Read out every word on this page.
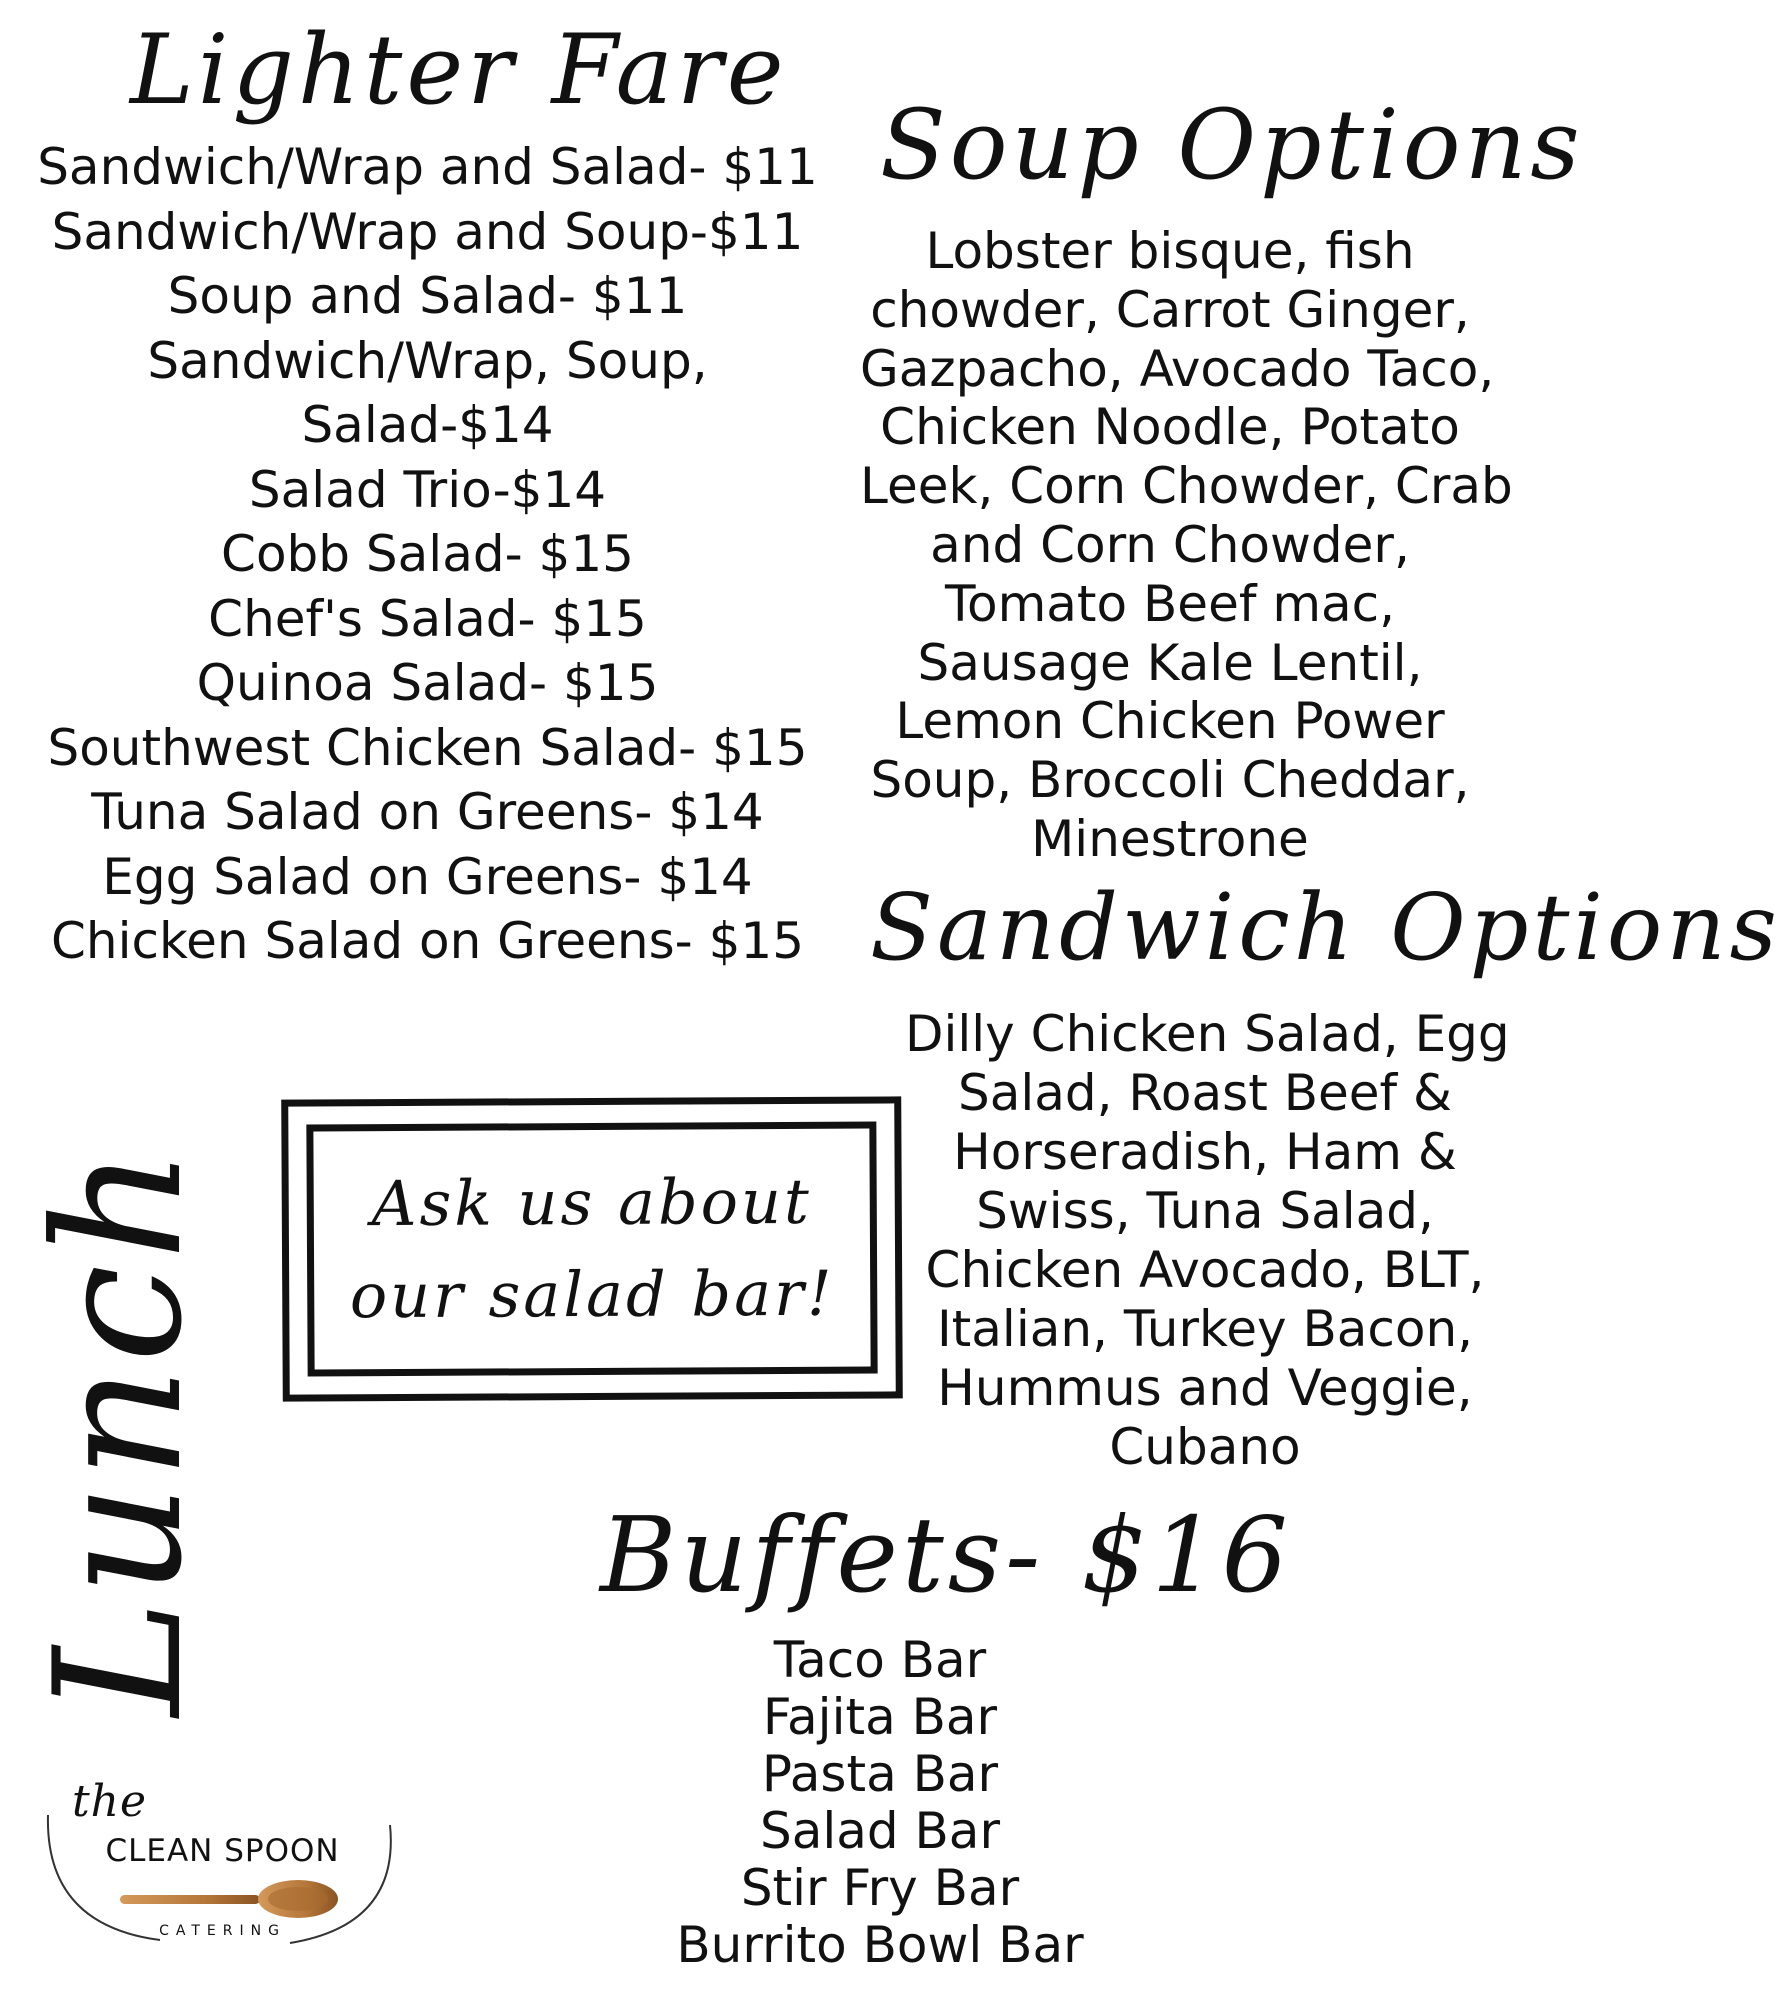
Lighter Fare
Sandwich/Wrap and Salad- $11
Sandwich/Wrap and Soup-$11
Soup and Salad- $11
Sandwich/Wrap, Soup,
Salad-$14
Salad Trio-$14
Cobb Salad- $15
Chef's Salad- $15
Quinoa Salad- $15
Southwest Chicken Salad- $15
Tuna Salad on Greens- $14
Egg Salad on Greens- $14
Chicken Salad on Greens- $15
Soup Options
Lobster bisque, fish
chowder, Carrot Ginger,
Gazpacho, Avocado Taco,
Chicken Noodle, Potato
Leek, Corn Chowder, Crab
and Corn Chowder,
Tomato Beef mac,
Sausage Kale Lentil,
Lemon Chicken Power
Soup, Broccoli Cheddar,
Minestrone
Sandwich Options
Dilly Chicken Salad, Egg
Salad, Roast Beef &
Horseradish, Ham &
Swiss, Tuna Salad,
Chicken Avocado, BLT,
Italian, Turkey Bacon,
Hummus and Veggie,
Cubano
Ask us about
our salad bar!
Buffets- $16
Taco Bar
Fajita Bar
Pasta Bar
Salad Bar
Stir Fry Bar
Burrito Bowl Bar
Lunch
the
CLEAN SPOON
CATERING
